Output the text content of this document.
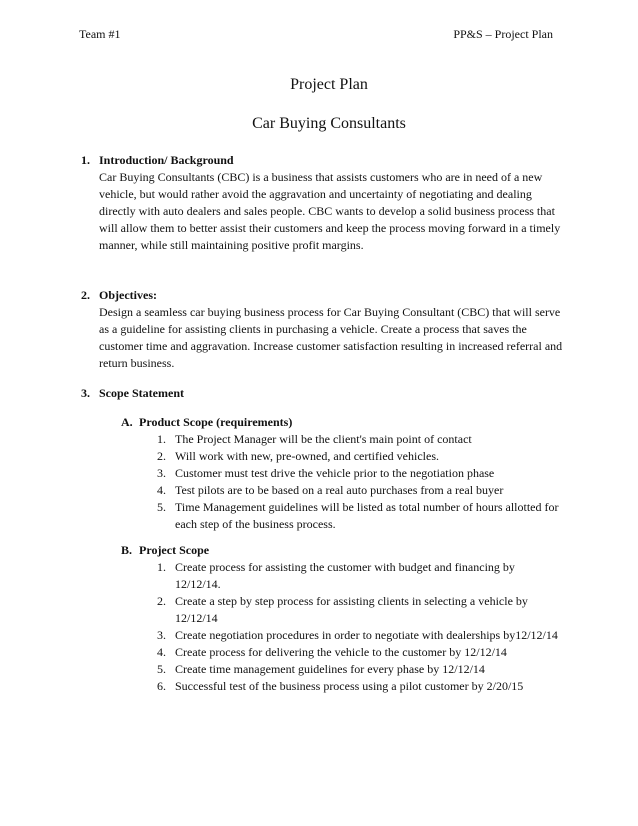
Team #1	PP&S – Project Plan
Project Plan
Car Buying Consultants
1. Introduction/ Background
Car Buying Consultants (CBC) is a business that assists customers who are in need of a new vehicle, but would rather avoid the aggravation and uncertainty of negotiating and dealing directly with auto dealers and sales people. CBC wants to develop a solid business process that will allow them to better assist their customers and keep the process moving forward in a timely manner, while still maintaining positive profit margins.
2. Objectives:
Design a seamless car buying business process for Car Buying Consultant (CBC) that will serve as a guideline for assisting clients in purchasing a vehicle. Create a process that saves the customer time and aggravation. Increase customer satisfaction resulting in increased referral and return business.
3. Scope Statement
A. Product Scope
(requirements)
1. The Project Manager will be the client's main point of contact
2. Will work with new, pre-owned, and certified vehicles.
3. Customer must test drive the vehicle prior to the negotiation phase
4. Test pilots are to be based on a real auto purchases from a real buyer
5. Time Management guidelines will be listed as total number of hours allotted for each step of the business process.
B. Project Scope
1. Create process for assisting the customer with budget and financing by 12/12/14.
2. Create a step by step process for assisting clients in selecting a vehicle by 12/12/14
3. Create negotiation procedures in order to negotiate with dealerships by12/12/14
4. Create process for delivering the vehicle to the customer by 12/12/14
5. Create time management guidelines for every phase by 12/12/14
6. Successful test of the business process using a pilot customer by 2/20/15
